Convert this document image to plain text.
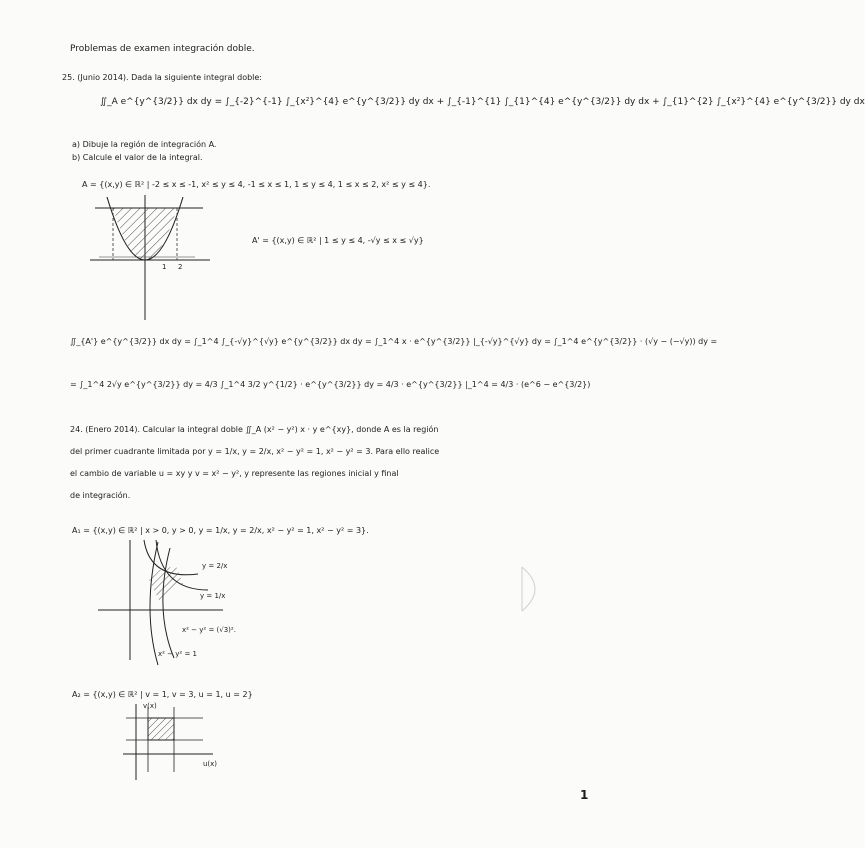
Problemas de examen integración doble.
25. (Junio 2014). Dada la siguiente integral doble:
∬_A e^{y^{3/2}} dx dy = ∫_{-2}^{-1} ∫_{x²}^{4} e^{y^{3/2}} dy dx + ∫_{-1}^{1} ∫_{1}^{4} e^{y^{3/2}} dy dx + ∫_{1}^{2} ∫_{x²}^{4} e^{y^{3/2}} dy dx
a) Dibuje la región de integración A.
b) Calcule el valor de la integral.
A = {(x,y) ∈ ℝ² | -2 ≤ x ≤ -1, x² ≤ y ≤ 4, -1 ≤ x ≤ 1, 1 ≤ y ≤ 4, 1 ≤ x ≤ 2, x² ≤ y ≤ 4}.
1 2
A' = {(x,y) ∈ ℝ² | 1 ≤ y ≤ 4, -√y ≤ x ≤ √y}
∬_{A'} e^{y^{3/2}} dx dy = ∫_1^4 ∫_{-√y}^{√y} e^{y^{3/2}} dx dy = ∫_1^4 x · e^{y^{3/2}} |_{-√y}^{√y} dy = ∫_1^4 e^{y^{3/2}} · (√y − (−√y)) dy =
= ∫_1^4 2√y e^{y^{3/2}} dy = 4/3 ∫_1^4 3/2 y^{1/2} · e^{y^{3/2}} dy = 4/3 · e^{y^{3/2}} |_1^4 = 4/3 · (e^6 − e^{3/2})
24. (Enero 2014). Calcular la integral doble ∬_A (x² − y²) x · y e^{xy}, donde A es la región
del primer cuadrante limitada por y = 1/x, y = 2/x, x² − y² = 1, x² − y² = 3. Para ello realice
el cambio de variable u = xy y v = x² − y², y represente las regiones inicial y final
de integración.
A₁ = {(x,y) ∈ ℝ² | x > 0, y > 0, y = 1/x, y = 2/x, x² − y² = 1, x² − y² = 3}.
y = 2/x
y = 1/x
x² − y² = (√3)².
x² − y² = 1
A₂ = {(x,y) ∈ ℝ² | v = 1, v = 3, u = 1, u = 2}
v(x)
u(x)
1
